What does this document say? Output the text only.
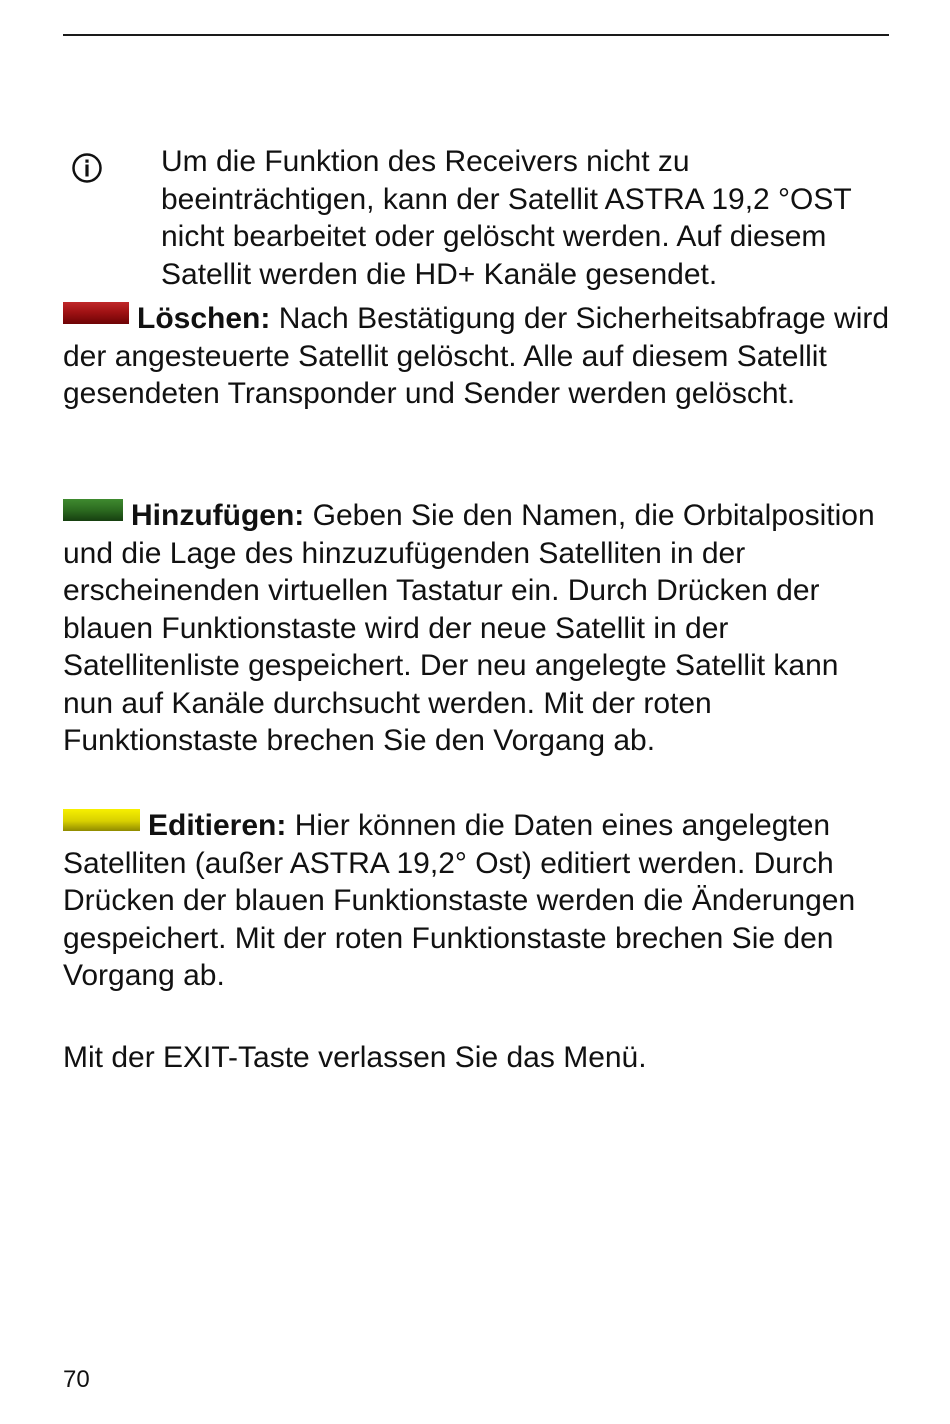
Um die Funktion des Receivers nicht zu beeinträchtigen, kann der Satellit ASTRA 19,2 °OST nicht bearbeitet oder gelöscht werden. Auf diesem Satellit werden die HD+ Kanäle gesendet.

Löschen: Nach Bestätigung der Sicherheitsabfrage wird der angesteuerte Satellit gelöscht. Alle auf diesem Satellit gesendeten Transponder und Sender werden gelöscht.

Hinzufügen: Geben Sie den Namen, die Orbitalposition und die Lage des hinzuzufügenden Satelliten in der erscheinenden virtuellen Tastatur ein. Durch Drücken der blauen Funktionstaste wird der neue Satellit in der Satellitenliste gespeichert. Der neu angelegte Satellit kann nun auf Kanäle durchsucht werden. Mit der roten Funktionstaste brechen Sie den Vorgang ab.

Editieren: Hier können die Daten eines angelegten Satelliten (außer ASTRA 19,2° Ost) editiert werden. Durch Drücken der blauen Funktionstaste werden die Änderungen gespeichert. Mit der roten Funktionstaste brechen Sie den Vorgang ab.

Mit der EXIT-Taste verlassen Sie das Menü.

70
